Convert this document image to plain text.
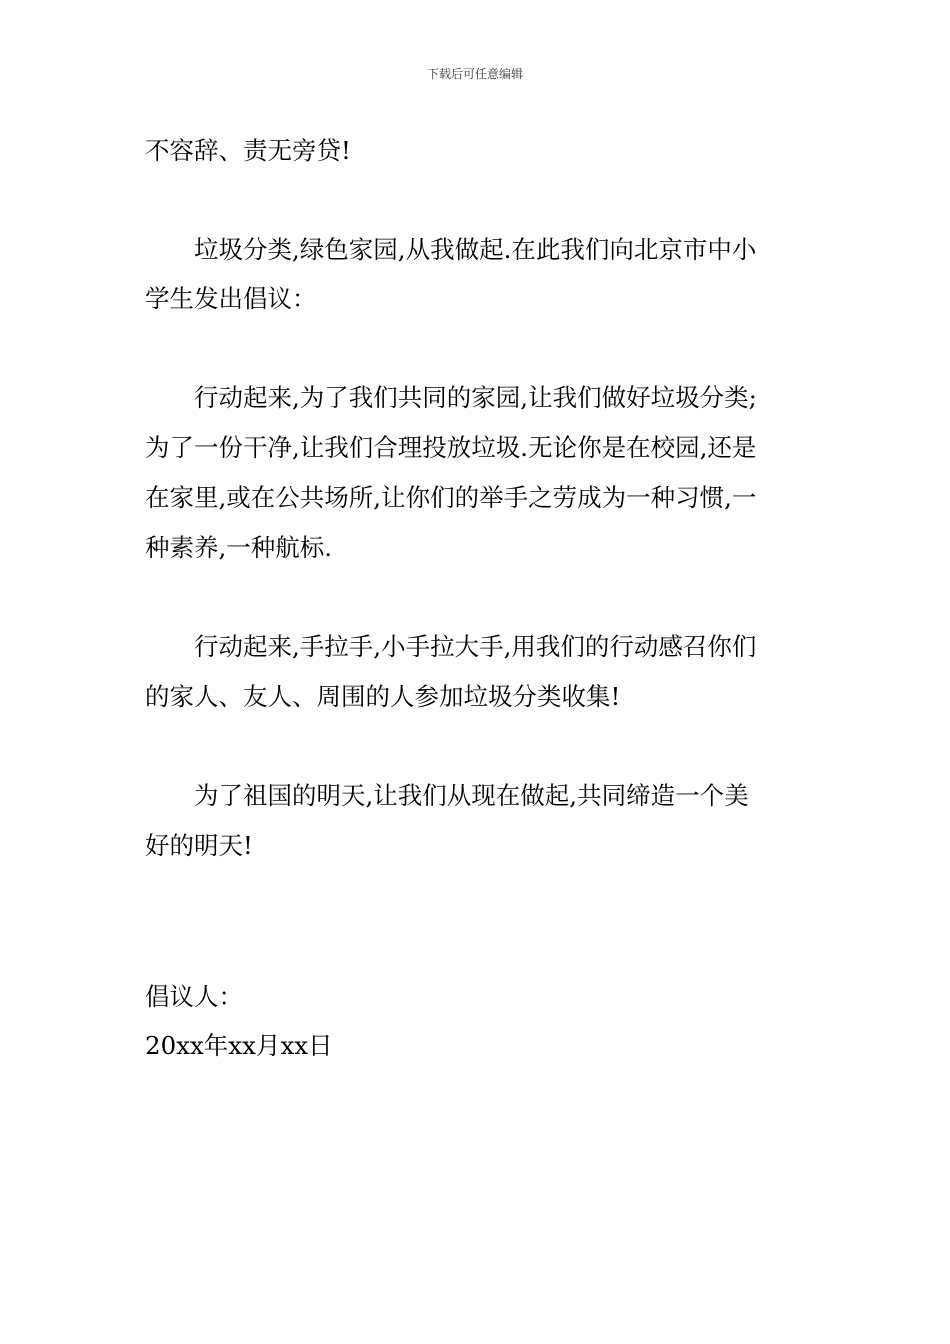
下载后可任意编辑
不容辞、责无旁贷!
　　垃圾分类,绿色家园,从我做起.在此我们向北京市中小
学生发出倡议：
　　行动起来,为了我们共同的家园,让我们做好垃圾分类;
为了一份干净,让我们合理投放垃圾.无论你是在校园,还是
在家里,或在公共场所,让你们的举手之劳成为一种习惯,一
种素养,一种航标.
　　行动起来,手拉手,小手拉大手,用我们的行动感召你们
的家人、友人、周围的人参加垃圾分类收集!
　　为了祖国的明天,让我们从现在做起,共同缔造一个美
好的明天!
倡议人：
20xx年xx月xx日
